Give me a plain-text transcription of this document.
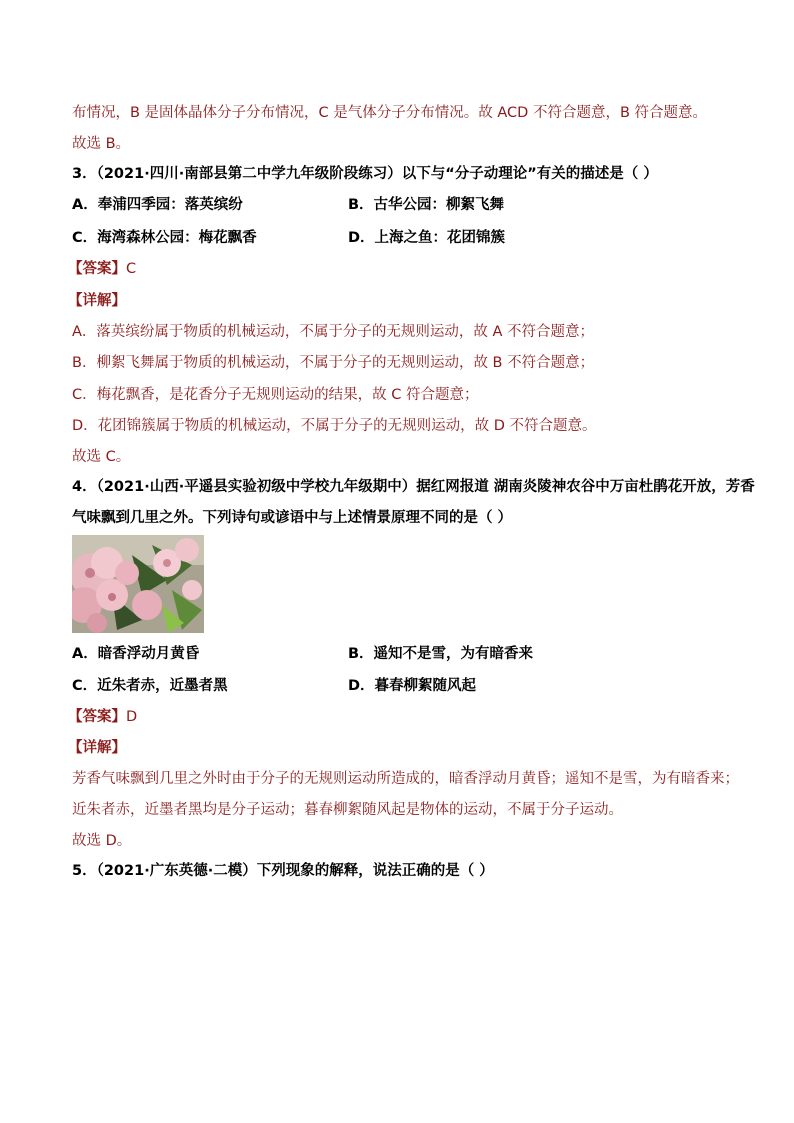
布情况，B 是固体晶体分子分布情况，C 是气体分子分布情况。故 ACD 不符合题意，B 符合题意。
故选 B。
3．（2021·四川·南部县第二中学九年级阶段练习）以下与“分子动理论”有关的描述是（ ）
A．奉浦四季园：落英缤纷	B．古华公园：柳絮飞舞
C．海湾森林公园：梅花飘香	D．上海之鱼：花团锦簇
【答案】C
【详解】
A．落英缤纷属于物质的机械运动，不属于分子的无规则运动，故 A 不符合题意；
B．柳絮飞舞属于物质的机械运动，不属于分子的无规则运动，故 B 不符合题意；
C．梅花飘香，是花香分子无规则运动的结果，故 C 符合题意；
D．花团锦簇属于物质的机械运动，不属于分子的无规则运动，故 D 不符合题意。
故选 C。
4．（2021·山西·平遥县实验初级中学校九年级期中）据红网报道 湖南炎陵神农谷中万亩杜鹃花开放，芳香
气味飘到几里之外。下列诗句或谚语中与上述情景原理不同的是（ ）
A．暗香浮动月黄昏	B．遥知不是雪，为有暗香来
C．近朱者赤，近墨者黑	D．暮春柳絮随风起
【答案】D
【详解】
芳香气味飘到几里之外时由于分子的无规则运动所造成的，暗香浮动月黄昏；遥知不是雪，为有暗香来；
近朱者赤，近墨者黑均是分子运动；暮春柳絮随风起是物体的运动，不属于分子运动。
故选 D。
5．（2021·广东英德·二模）下列现象的解释，说法正确的是（ ）
